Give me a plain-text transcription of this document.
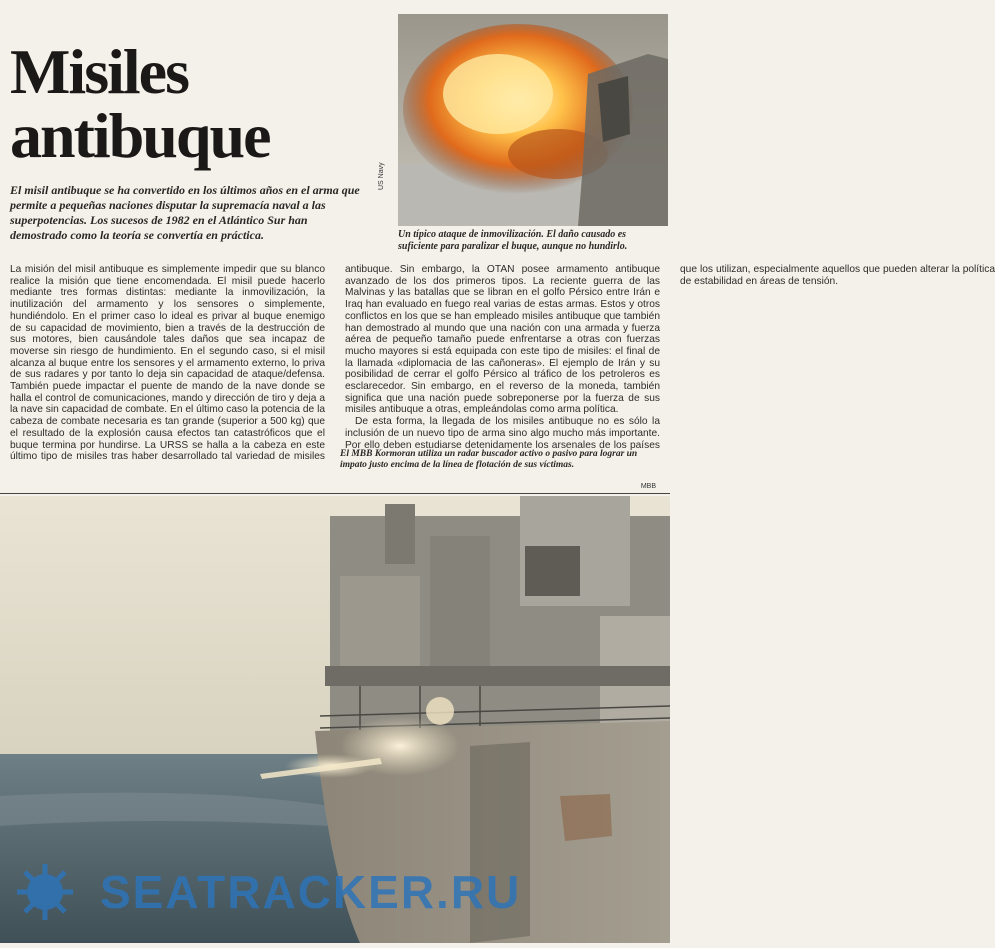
Misiles
antibuque

El misil antibuque se ha convertido en los últimos años en el arma que permite a pequeñas naciones disputar la supremacía naval a las superpotencias. Los sucesos de 1982 en el Atlántico Sur han demostrado como la teoría se convertía en práctica.

US Navy

Un típico ataque de inmovilización. El daño causado es suficiente para paralizar el buque, aunque no hundirlo.

La misión del misil antibuque es simplemente impedir que su blanco realice la misión que tiene encomendada. El misil puede hacerlo mediante tres formas distintas: mediante la inmovilización, la inutilización del armamento y los sensores o simplemente, hundiéndolo. En el primer caso lo ideal es privar al buque enemigo de su capacidad de movimiento, bien a través de la destrucción de sus motores, bien causándole tales daños que sea incapaz de moverse sin riesgo de hundimiento. En el segundo caso, si el misil alcanza al buque entre los sensores y el armamento externo, lo priva de sus radares y por tanto lo deja sin capacidad de ataque/defensa. También puede impactar el puente de mando de la nave donde se halla el control de comunicaciones, mando y dirección de tiro y deja a la nave sin capacidad de combate. En el último caso la potencia de la cabeza de combate necesaria es tan grande (superior a 500 kg) que el resultado de la explosión causa efectos tan catastróficos que el buque termina por hundirse. La URSS se halla a la cabeza en este último tipo de misiles tras haber desarrollado tal variedad de misiles antibuque. Sin embargo, la OTAN posee armamento antibuque avanzado de los dos primeros tipos. La reciente guerra de las Malvinas y las batallas que se libran en el golfo Pérsico entre Irán e Iraq han evaluado en fuego real varias de estas armas. Estos y otros conflictos en los que se han empleado misiles antibuque que también han demostrado al mundo que una nación con una armada y fuerza aérea de pequeño tamaño puede enfrentarse a otras con fuerzas mucho mayores si está equipada con este tipo de misiles: el final de la llamada «diplomacia de las cañoneras». El ejemplo de Irán y su posibilidad de cerrar el golfo Pérsico al tráfico de los petroleros es esclarecedor. Sin embargo, en el reverso de la moneda, también significa que una nación puede sobreponerse por la fuerza de sus misiles antibuque a otras, empleándolas como arma política.

De esta forma, la llegada de los misiles antibuque no es sólo la inclusión de un nuevo tipo de arma sino algo mucho más importante. Por ello deben estudiarse detenidamente los arsenales de los países que los utilizan, especialmente aquellos que pueden alterar la política de estabilidad en áreas de tensión.

El MBB Kormoran utiliza un radar buscador activo o pasivo para lograr un impato justo encima de la línea de flotación de sus víctimas.

MBB
SEATRACKER.RU
